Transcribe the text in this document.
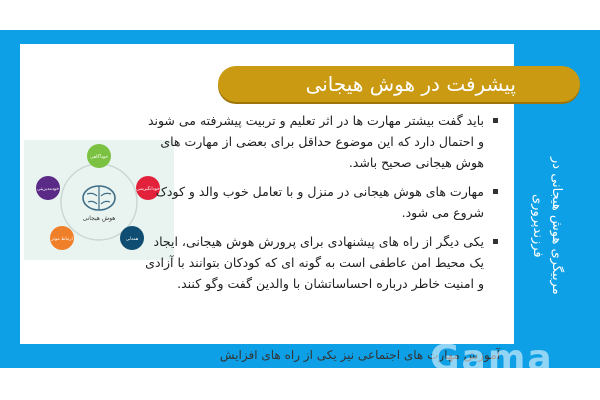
پیشرفت در هوش هیجانی
مربیگری هوش هیجانی در فرزندپروری
هوش هیجانی
خودآگاهی
خودانگیزشی
همدلی
ارتباط موثر
خودمدیریتی
باید گفت بیشتر مهارت ها در اثر تعلیم و تربیت پیشرفته می شوند و احتمال دارد که این موضوع حداقل برای بعضی از مهارت های هوش هیجانی صحیح باشد.
مهارت های هوش هیجانی در منزل و با تعامل خوب والد و کودک شروع می شود.
یکی دیگر از راه های پیشنهادی برای پرورش هوش هیجانی، ایجاد یک محیط امن عاطفی است به گونه ای که کودکان بتوانند با آزادی و امنیت خاطر درباره احساساتشان با والدین گفت وگو کنند.
آموزش مهارت های اجتماعی نیز یکی از راه های افزایش
Gama
